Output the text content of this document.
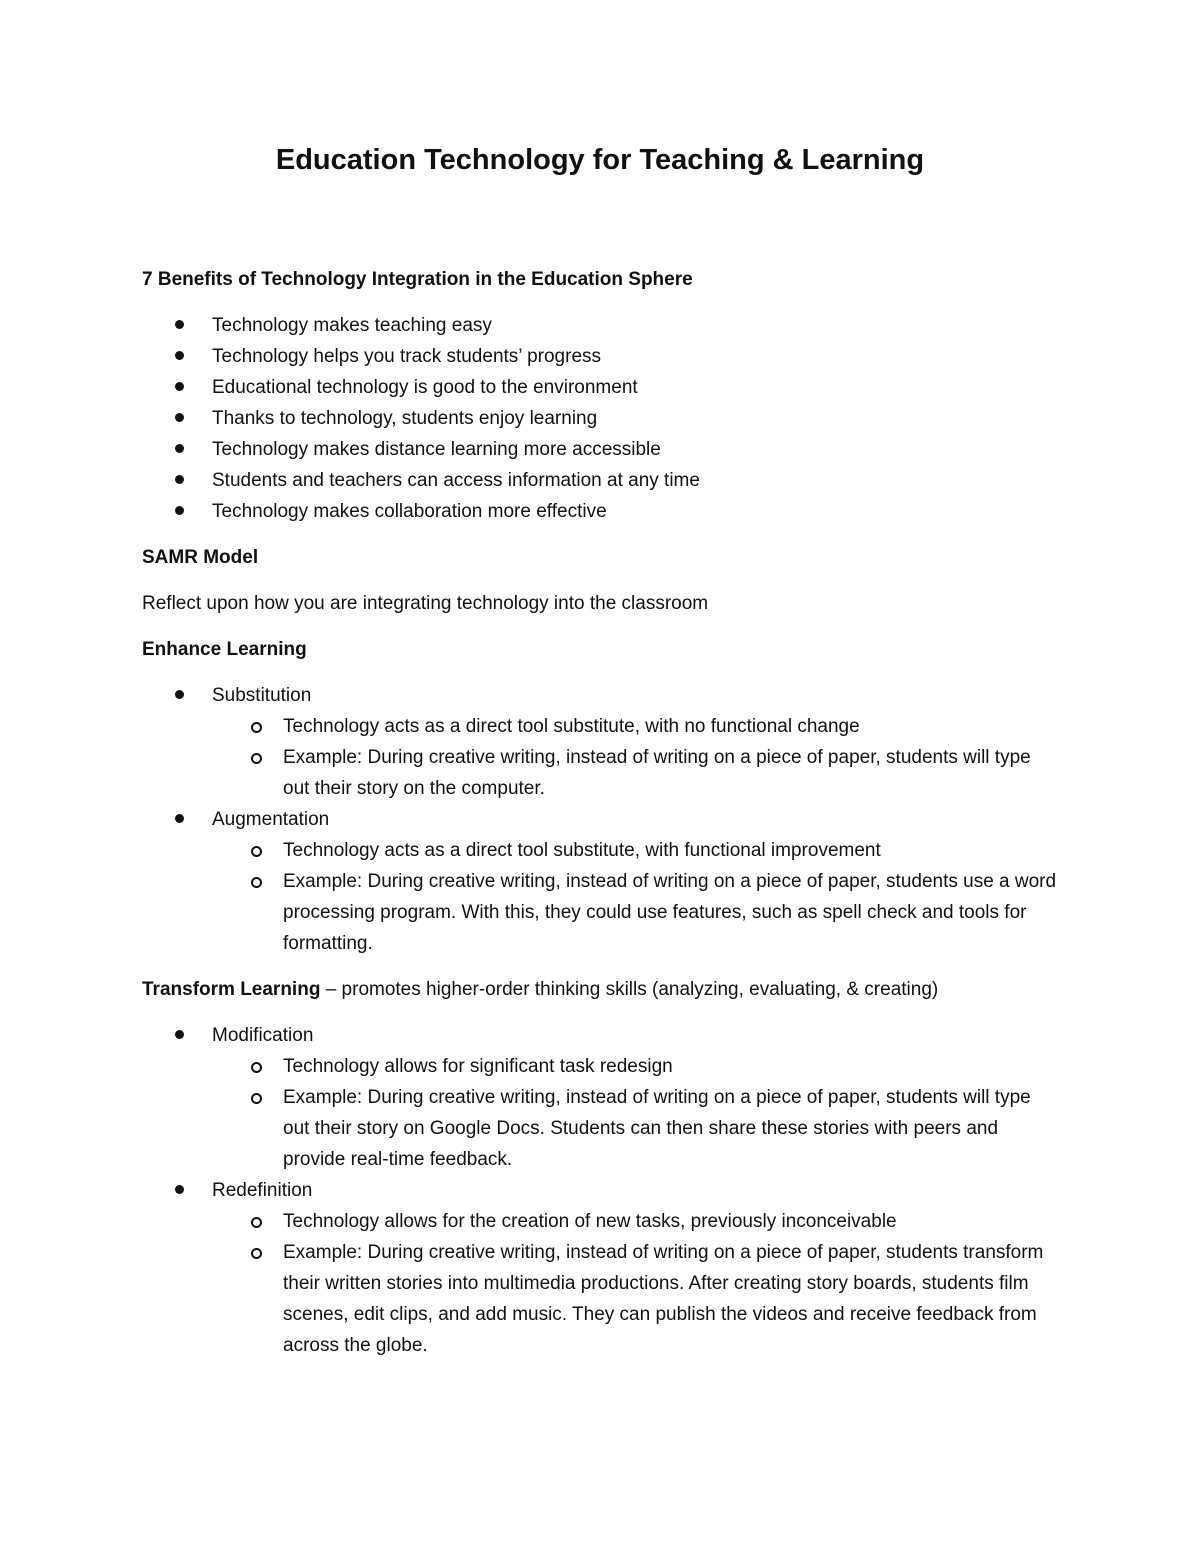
Education Technology for Teaching & Learning

7 Benefits of Technology Integration in the Education Sphere

Technology makes teaching easy
Technology helps you track students’ progress
Educational technology is good to the environment
Thanks to technology, students enjoy learning
Technology makes distance learning more accessible
Students and teachers can access information at any time
Technology makes collaboration more effective

SAMR Model

Reflect upon how you are integrating technology into the classroom

Enhance Learning

Substitution
Technology acts as a direct tool substitute, with no functional change
Example: During creative writing, instead of writing on a piece of paper, students will type out their story on the computer.
Augmentation
Technology acts as a direct tool substitute, with functional improvement
Example: During creative writing, instead of writing on a piece of paper, students use a word processing program. With this, they could use features, such as spell check and tools for formatting.

Transform Learning – promotes higher-order thinking skills (analyzing, evaluating, & creating)

Modification
Technology allows for significant task redesign
Example: During creative writing, instead of writing on a piece of paper, students will type out their story on Google Docs. Students can then share these stories with peers and provide real-time feedback.
Redefinition
Technology allows for the creation of new tasks, previously inconceivable
Example: During creative writing, instead of writing on a piece of paper, students transform their written stories into multimedia productions. After creating story boards, students film scenes, edit clips, and add music. They can publish the videos and receive feedback from across the globe.
